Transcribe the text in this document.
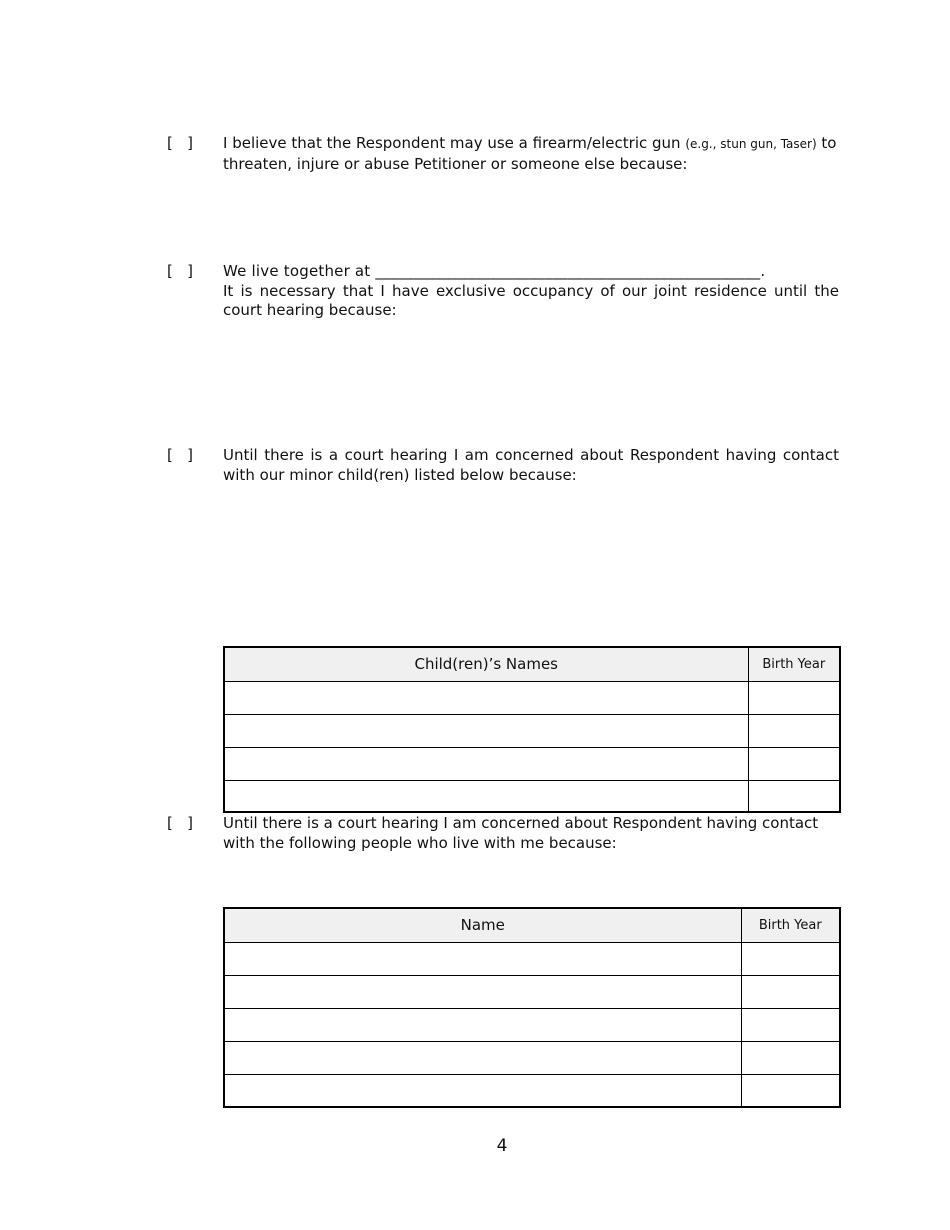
[   ] I believe that the Respondent may use a firearm/electric gun (e.g., stun gun, Taser) to threaten, injure or abuse Petitioner or someone else because:
[   ] We live together at __________________________________________________.
It is necessary that I have exclusive occupancy of our joint residence until the court hearing because:
[   ] Until there is a court hearing I am concerned about Respondent having contact with our minor child(ren) listed below because:
Child(ren)’s Names	Birth Year

[   ] Until there is a court hearing I am concerned about Respondent having contact with the following people who live with me because:
Name	Birth Year

4
